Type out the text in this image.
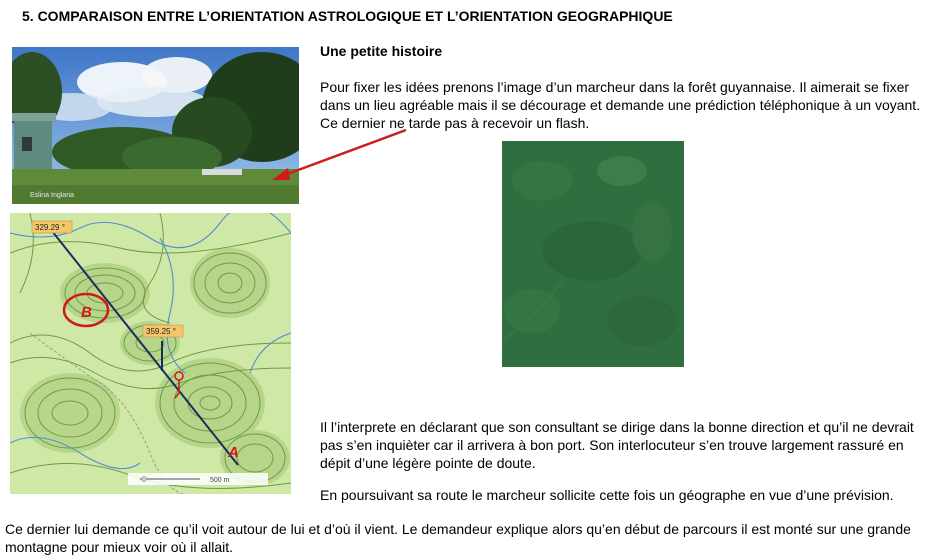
5. COMPARAISON ENTRE L’ORIENTATION ASTROLOGIQUE ET L’ORIENTATION GEOGRAPHIQUE
Eslina Inglaria
329.29 °
359.25 °
B
A
500 m
Une petite histoire
Pour fixer les idées prenons l’image d’un marcheur dans la forêt guyannaise. Il aimerait se fixer dans un lieu agréable mais il se décourage et demande une prédiction téléphonique à un voyant. Ce dernier ne tarde pas à recevoir un flash.
Il l’interprete en déclarant que son consultant se dirige dans la bonne direction et qu’il ne devrait pas s’en inquièter car il arrivera à bon port. Son interlocuteur s’en trouve largement rassuré en dépit d’une légère pointe de doute.
En poursuivant sa route le marcheur sollicite cette fois un géographe en vue d’une prévision.
Ce dernier lui demande ce qu’il voit autour de lui et d’où il vient. Le demandeur explique alors qu’en début de parcours il est monté sur une grande montagne pour mieux voir où il allait.
